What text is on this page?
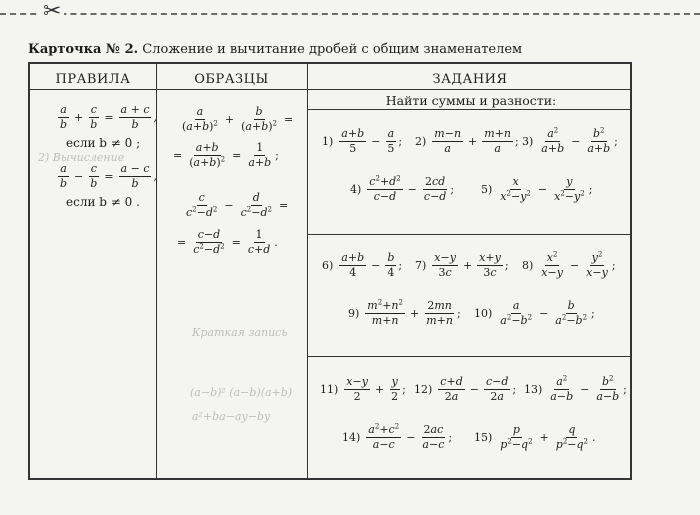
✂
Карточка № 2. Сложение и вычитание дробей с общим знаменателем
ПРАВИЛА	ОБРАЗЦЫ	ЗАДАНИЯ
Найти суммы и разности:
2) Вычисление
Краткая запись
(a−b)² (a−b)(a+b)
a²+ba−ay−by
a
b
+ $\frac{c}{b} = \frac{a + c}{b}$ ,
если b ≠ 0 ;
a
b
− $\frac{c}{b} = \frac{a - c}{b}$ ,
если b ≠ 0 .
a
$(a+b)^2 + \frac{b}{(a+b)^2}$ =
= $\frac{a+b}{(a+b)^2} = \frac{1}{a+b}$ ;
c
$c^2-d^2 - \frac{d}{c^2-d^2}$ =
= $\frac{c-d}{c^2-d^2} = \frac{1}{c+d}$ .
1)
a+b
5
− $\frac{a}{5}$ ; 2)
m−n
a
+ $\frac{m+n}{a}$ ; 3)
$a^2$
a+b
− $\frac{b^2}{a+b}$ ;
4)
$c^2+d^2$
c−d
− $\frac{2cd}{c-d}$ ; 5)
x
$x^2-y^2 - \frac{y}{x^2-y^2}$ ;
6)
a+b
4
− $\frac{b}{4}$ ; 7)
x−y
3c
+ $\frac{x+y}{3c}$ ; 8)
$x^2$
x−y
− $\frac{y^2}{x-y}$ ;
9)
$m^2+n^2$
m+n
+ $\frac{2mn}{m+n}$ ; 10)
a
$a^2-b^2 - \frac{b}{a^2-b^2}$ ;
11)
x−y
2
+ $\frac{y}{2}$ ; 12)
c+d
2a
− $\frac{c-d}{2a}$ ; 13)
$a^2$
a−b
− $\frac{b^2}{a-b}$ ;
14)
$a^2+c^2$
a−c
− $\frac{2ac}{a-c}$ ; 15)
p
$p^2-q^2 + \frac{q}{p^2-q^2}$ .
